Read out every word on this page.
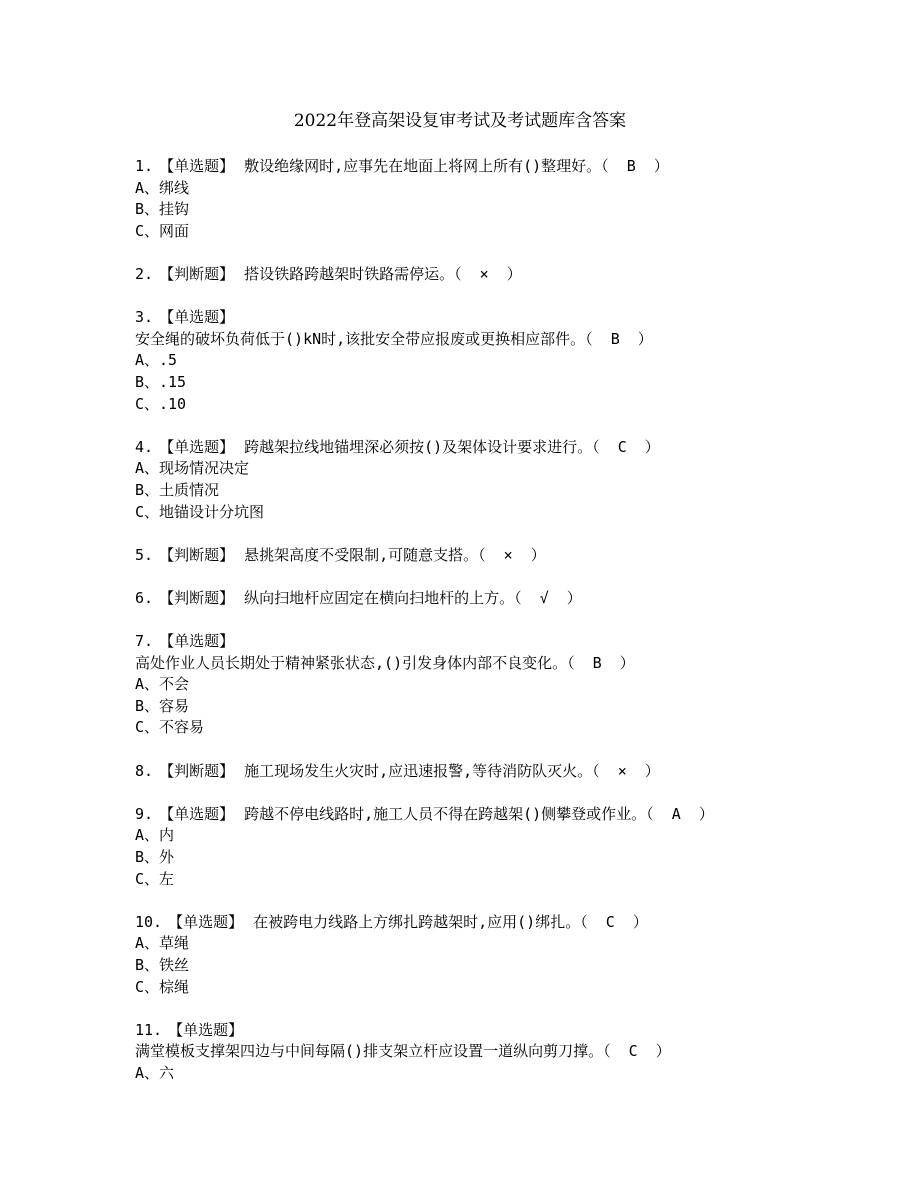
2022年登高架设复审考试及考试题库含答案
1. 【单选题】 敷设绝缘网时,应事先在地面上将网上所有()整理好。（  B  ）
A、绑线
B、挂钩
C、网面
2. 【判断题】 搭设铁路跨越架时铁路需停运。（  ×  ）
3. 【单选题】
安全绳的破坏负荷低于()kN时,该批安全带应报废或更换相应部件。（  B  ）
A、.5
B、.15
C、.10
4. 【单选题】 跨越架拉线地锚埋深必须按()及架体设计要求进行。（  C  ）
A、现场情况决定
B、土质情况
C、地锚设计分坑图
5. 【判断题】 悬挑架高度不受限制,可随意支搭。（  ×  ）
6. 【判断题】 纵向扫地杆应固定在横向扫地杆的上方。（  √  ）
7. 【单选题】
高处作业人员长期处于精神紧张状态,()引发身体内部不良变化。（  B  ）
A、不会
B、容易
C、不容易
8. 【判断题】 施工现场发生火灾时,应迅速报警,等待消防队灭火。（  ×  ）
9. 【单选题】 跨越不停电线路时,施工人员不得在跨越架()侧攀登或作业。（  A  ）
A、内
B、外
C、左
10. 【单选题】 在被跨电力线路上方绑扎跨越架时,应用()绑扎。（  C  ）
A、草绳
B、铁丝
C、棕绳
11. 【单选题】
满堂模板支撑架四边与中间每隔()排支架立杆应设置一道纵向剪刀撑。（  C  ）
A、六
